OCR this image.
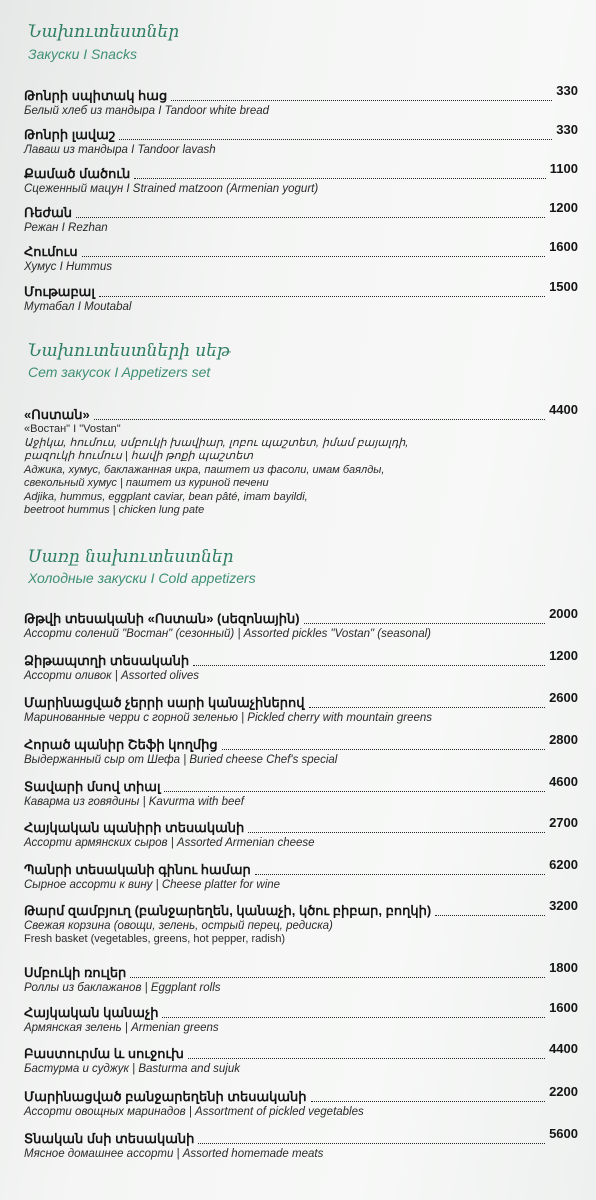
Նախուտեստներ
Закуски I Snacks
Թոնրի սպիտակ հաց	330
Белый хлеб из тандыра I Tandoor white bread
Թոնրի լավաշ	330
Лаваш из тандыра I Tandoor lavash
Քամած մածուն	1100
Сцеженный мацун I Strained matzoon (Armenian yogurt)
Ռեժան	1200
Режан I Rezhan
Հումուս	1600
Хумус I Hummus
Մութաբալ	1500
Мутабал I Moutabal
Նախուտեստների սեթ
Сет закусок I Appetizers set
«Ոստան»	4400
«Востан" I "Vostan"
Աջիկա, հումուս, սմբուկի խավիար, լոբու պաշտետ, իմամ բայալդի,
բազուկի հումուս | հավի թոքի պաշտետ
Аджика, хумус, баклажанная икра, паштет из фасоли, имам баялды,
свекольный хумус | паштет из куриной печени
Adjika, hummus, eggplant caviar, bean pâté, imam bayildi,
beetroot hummus | chicken lung pate
Սառը նախուտեստներ
Холодные закуски I Cold appetizers
Թթվի տեսականի «Ոստան» (սեզոնային)	2000
Ассорти солений "Востан" (сезонный) | Assorted pickles "Vostan" (seasonal)
Ձիթապտղի տեսականի	1200
Ассорти оливок | Assorted olives
Մարինացված չերրի սարի կանաչիներով	2600
Маринованные черри с горной зеленью | Pickled cherry with mountain greens
Հորած պանիր Շեֆի կողմից	2800
Выдержанный сыр от Шефа | Buried cheese Chef's special
Տավարի մսով տիալ	4600
Каварма из говядины | Kavurma with beef
Հայկական պանիրի տեսականի	2700
Ассорти армянских сыров | Assorted Armenian cheese
Պանրի տեսականի գինու համար	6200
Сырное ассорти к вину | Cheese platter for wine
Թարմ զամբյուղ (բանջարեղեն, կանաչի, կծու բիբար, բողկի)	3200
Свежая корзина (овощи, зелень, острый перец, редиска)
Fresh basket (vegetables, greens, hot pepper, radish)
Սմբուկի ռուլեր	1800
Роллы из баклажанов | Eggplant rolls
Հայկական կանաչի	1600
Армянская зелень | Armenian greens
Բաստուրմա և սուջուխ	4400
Бастурма и суджук | Basturma and sujuk
Մարինացված բանջարեղենի տեսականի	2200
Ассорти овощных маринадов | Assortment of pickled vegetables
Տնական մսի տեսականի	5600
Мясное домашнее ассорти | Assorted homemade meats
